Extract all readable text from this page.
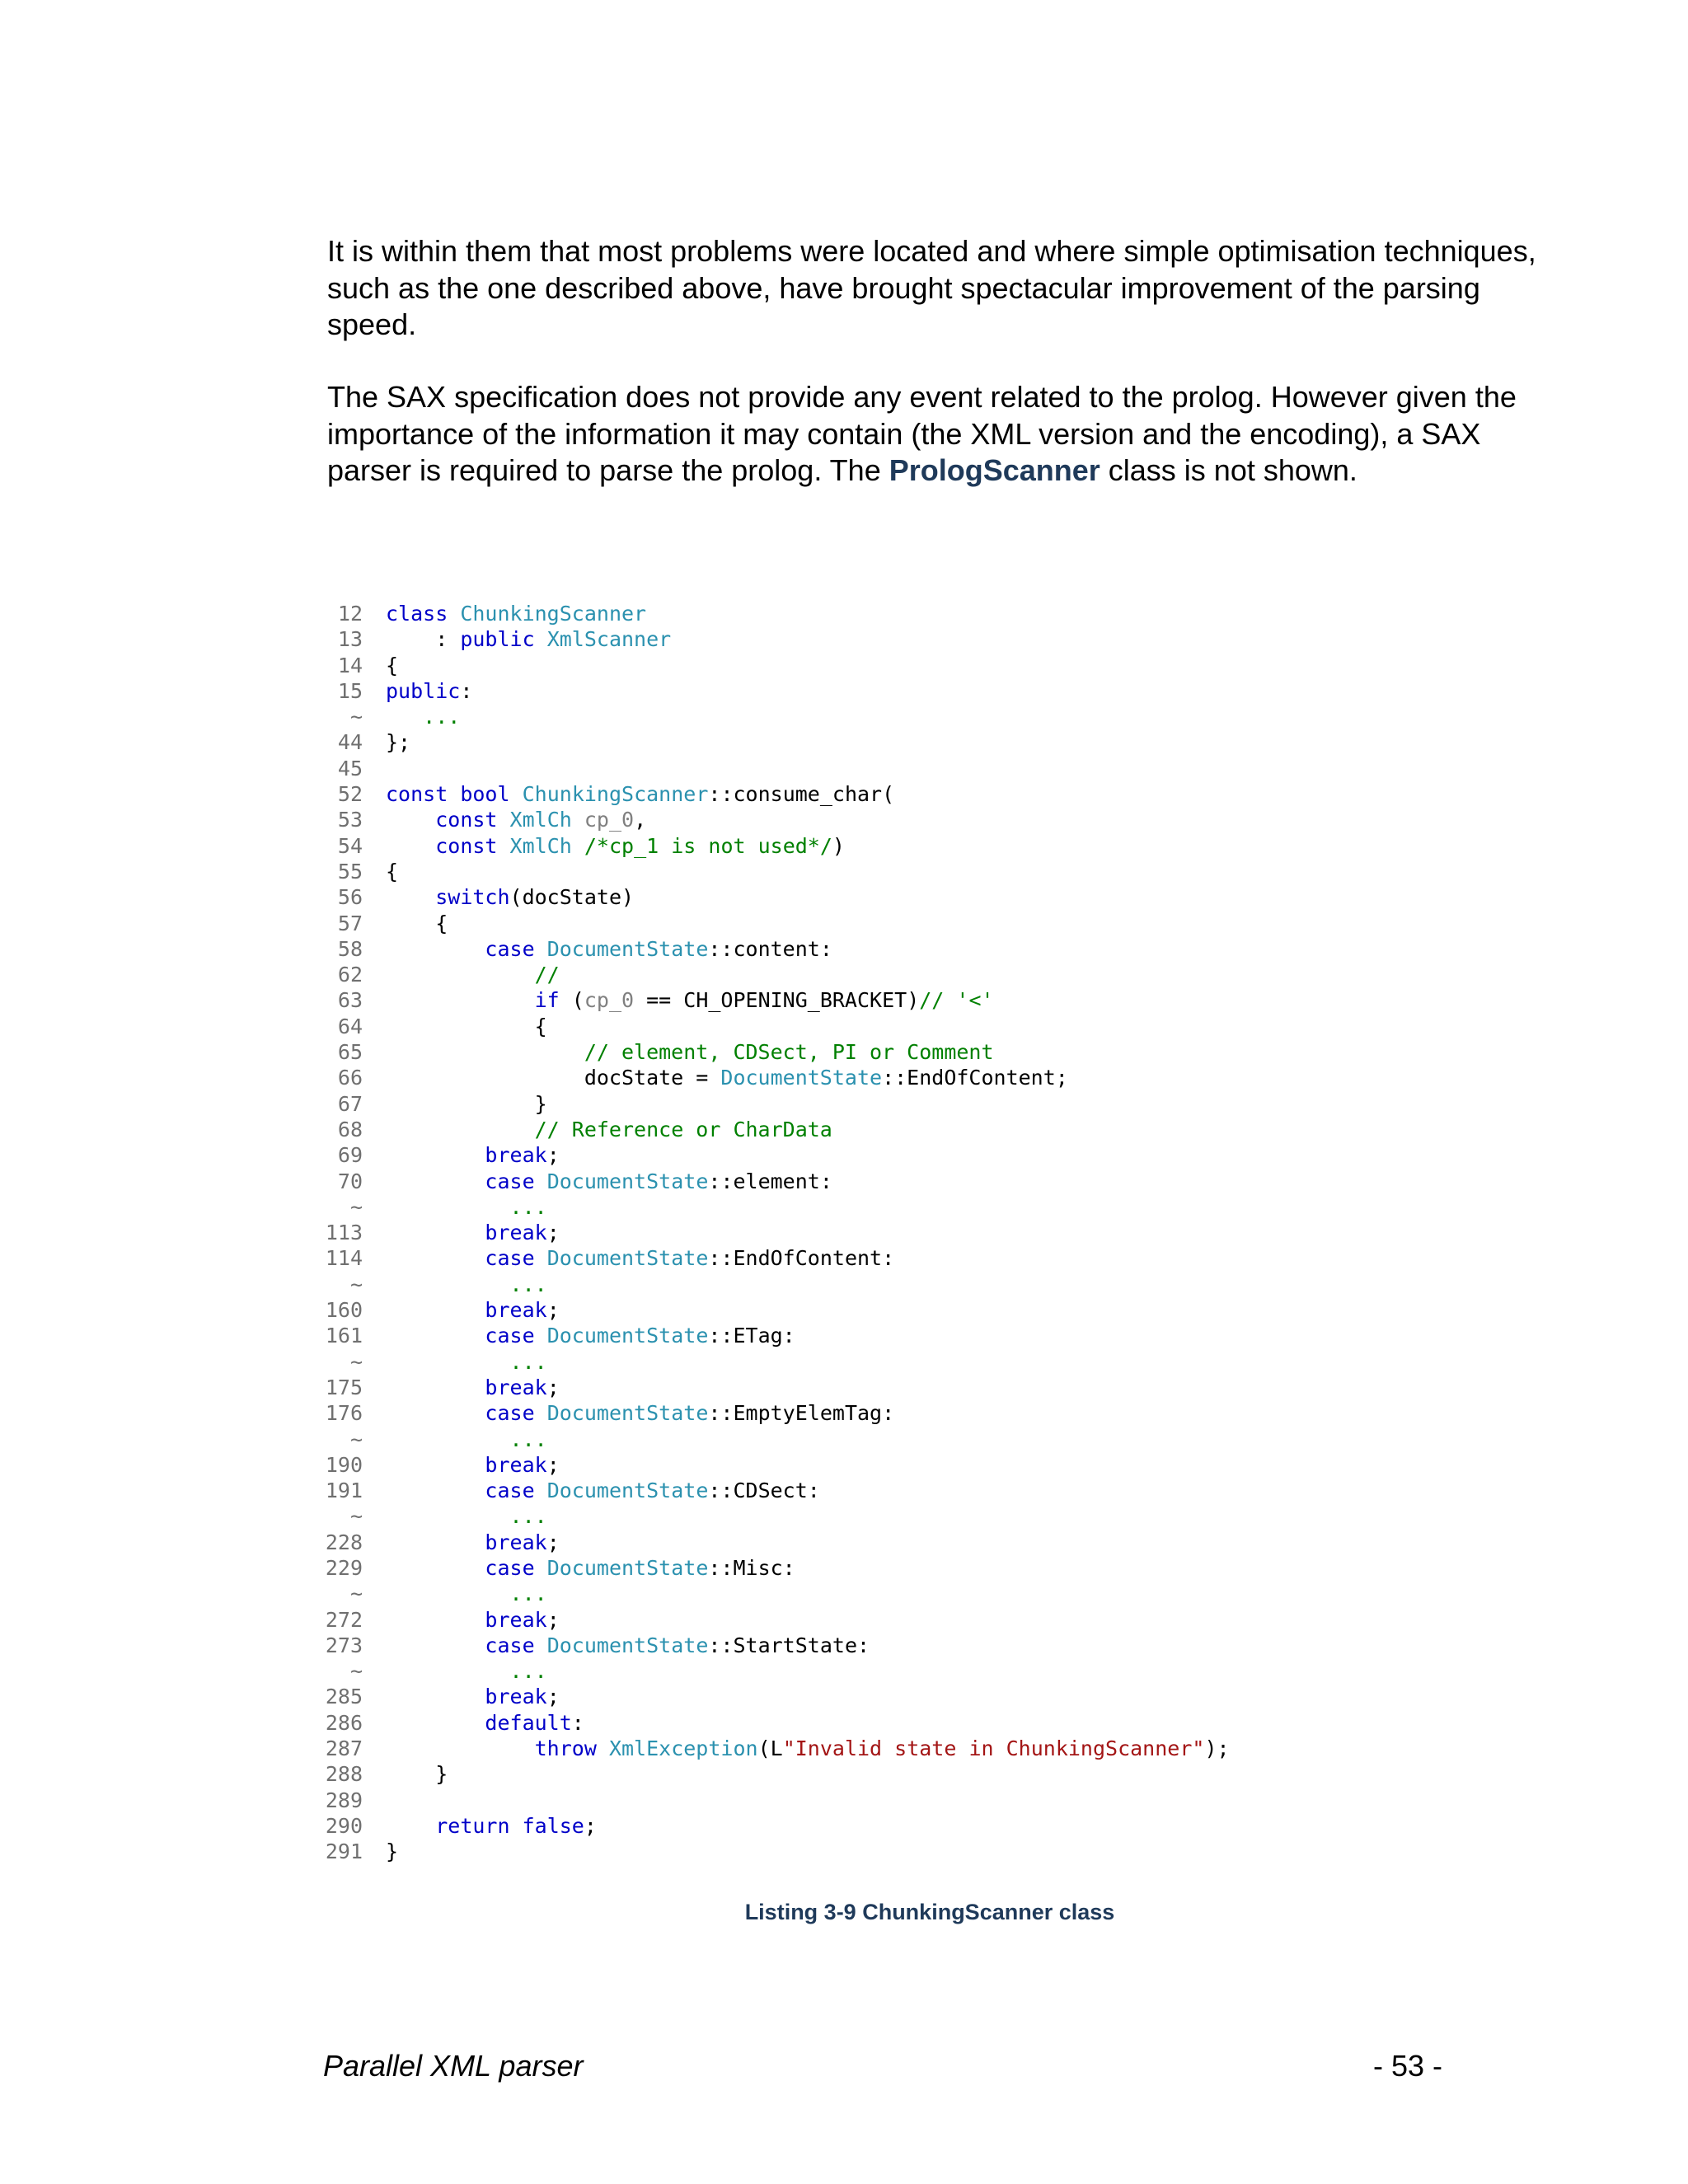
It is within them that most problems were located and where simple optimisation techniques, such as the one described above, have brought spectacular improvement of the parsing speed.

The SAX specification does not provide any event related to the prolog. However given the importance of the information it may contain (the XML version and the encoding), a SAX parser is required to parse the prolog. The PrologScanner class is not shown.

12 class ChunkingScanner
13    : public XmlScanner
14 {
15 public:
~   ...
44 };
45
52 const bool ChunkingScanner::consume_char(
53	const XmlCh cp_0,
54	const XmlCh /*cp_1 is not used*/)
55 {
56	switch(docState)
57    {
58	case DocumentState::content:
62	//
63	if (cp_0 == CH_OPENING_BRACKET)// '<'
64            {
65	// element, CDSect, PI or Comment
66                docState = DocumentState::EndOfContent;
67            }
68	// Reference or CharData
69	break;
70	case DocumentState::element:
~          ...
113	break;
114	case DocumentState::EndOfContent:
~          ...
160	break;
161	case DocumentState::ETag:
~          ...
175	break;
176	case DocumentState::EmptyElemTag:
~          ...
190	break;
191	case DocumentState::CDSect:
~          ...
228	break;
229	case DocumentState::Misc:
~          ...
272	break;
273	case DocumentState::StartState:
~          ...
285	break;
286	default:
287	throw XmlException(L"Invalid state in ChunkingScanner");
288    }
289
290	return false;
291 }
Listing 3-9 ChunkingScanner class
Parallel XML parser	- 53 -
